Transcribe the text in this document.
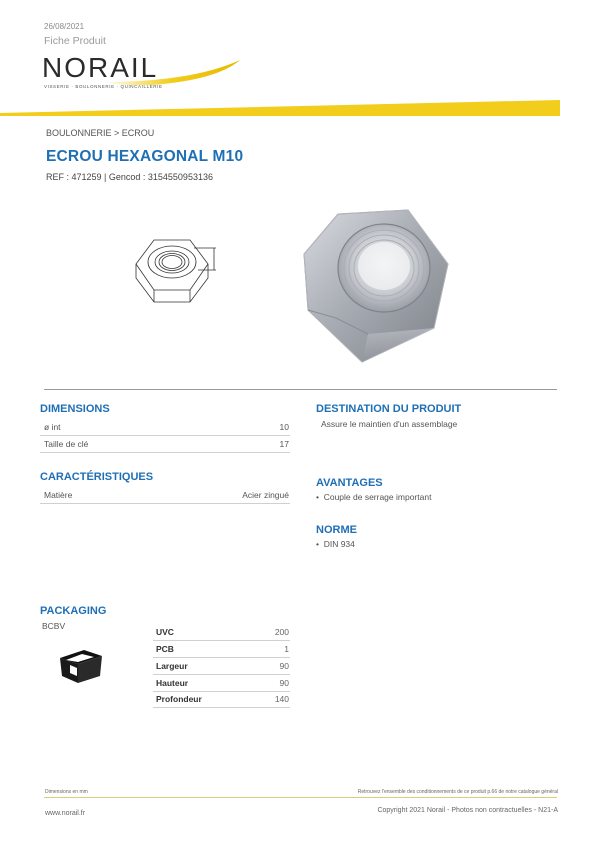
26/08/2021
Fiche Produit
NORAIL
VISSERIE · BOULONNERIE · QUINCAILLERIE
BOULONNERIE > ECROU
ECROU HEXAGONAL M10
REF : 471259 | Gencod : 3154550953136
DIMENSIONS
ø int	10
Taille de clé	17
CARACTÉRISTIQUES
Matière	Acier zingué
DESTINATION DU PRODUIT
Assure le maintien d'un assemblage
AVANTAGES
•  Couple de serrage important
NORME
•  DIN 934
PACKAGING
BCBV
UVC	200
PCB	1
Largeur	90
Hauteur	90
Profondeur	140
Dimensions en mm	Retrouvez l'ensemble des conditionnements de ce produit p.66 de notre catalogue général
www.norail.fr	Copyright 2021 Norail - Photos non contractuelles - N21-A
